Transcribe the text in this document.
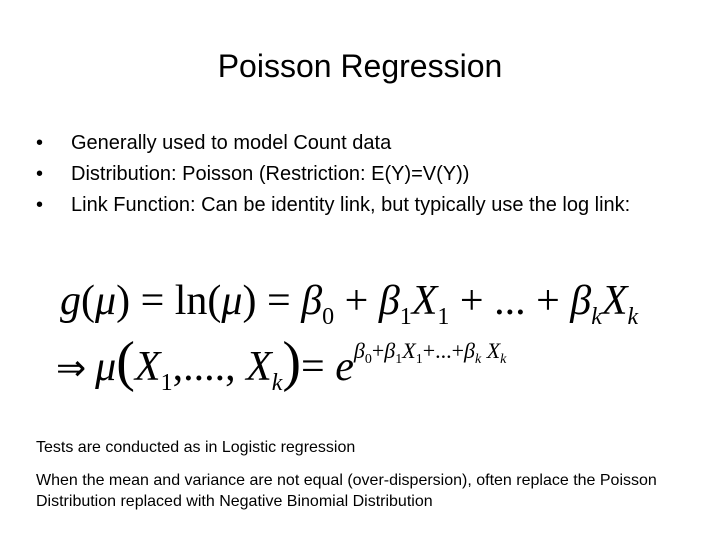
Poisson Regression
•	Generally used to model Count data
•	Distribution: Poisson (Restriction: E(Y)=V(Y))
•	Link Function: Can be identity link, but typically use the log link:
$g(\mu) = \ln(\mu) = \beta_0 + \beta_1X_1$ + ... + $\beta_kX_k$
⇒ $\mu(X_1$,...., $X_k)= e^\beta 0+\beta 1X1+...+\beta k$ Xk
Tests are conducted as in Logistic regression
When the mean and variance are not equal (over-dispersion), often replace the Poisson Distribution replaced with Negative Binomial Distribution
